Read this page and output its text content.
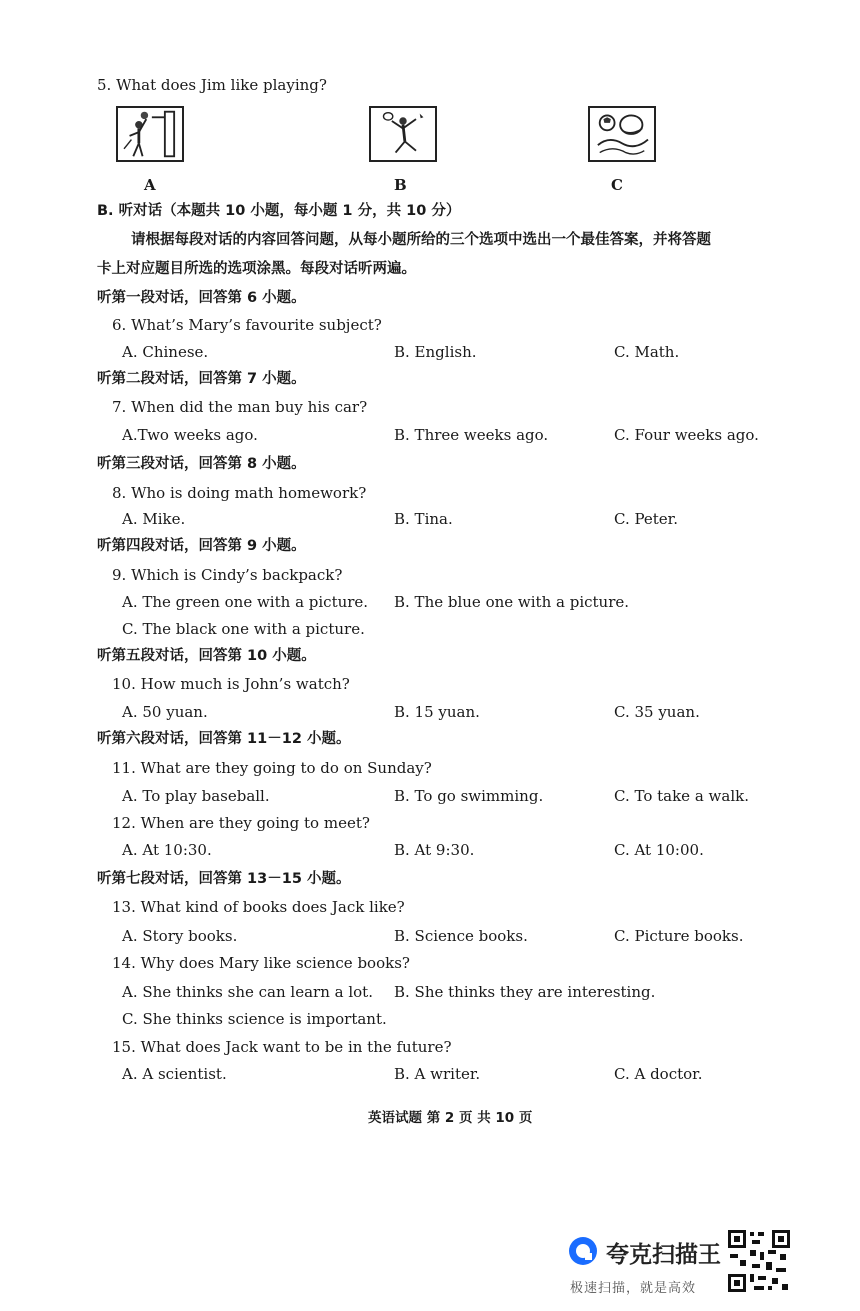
5. What does Jim like playing?
A	B	C
B. 听对话（本题共 10 小题，每小题 1 分，共 10 分）
请根据每段对话的内容回答问题，从每小题所给的三个选项中选出一个最佳答案，并将答题
卡上对应题目所选的选项涂黑。每段对话听两遍。
听第一段对话，回答第 6 小题。
6. What’s Mary’s favourite subject?
A. Chinese.	B. English.	C. Math.
听第二段对话，回答第 7 小题。
7. When did the man buy his car?
A.Two weeks ago.	B. Three weeks ago.	C. Four weeks ago.
听第三段对话，回答第 8 小题。
8. Who is doing math homework?
A. Mike.	B. Tina.	C. Peter.
听第四段对话，回答第 9 小题。
9. Which is Cindy’s backpack?
A. The green one with a picture. B. The blue one with a picture.
C. The black one with a picture.
听第五段对话，回答第 10 小题。
10. How much is John’s watch?
A. 50 yuan.	B. 15 yuan.	C. 35 yuan.
听第六段对话，回答第 11－12 小题。
11. What are they going to do on Sunday?
A. To play baseball.	B. To go swimming.	C. To take a walk.
12. When are they going to meet?
A. At 10:30.	B. At 9:30.	C. At 10:00.
听第七段对话，回答第 13－15 小题。
13. What kind of books does Jack like?
A. Story books.	B. Science books.	C. Picture books.
14. Why does Mary like science books?
A. She thinks she can learn a lot. B. She thinks they are interesting.
C. She thinks science is important.
15. What does Jack want to be in the future?
A. A scientist.	B. A writer.	C. A doctor.
英语试题 第 2 页 共 10 页
夸克扫描王
极速扫描，就是高效
